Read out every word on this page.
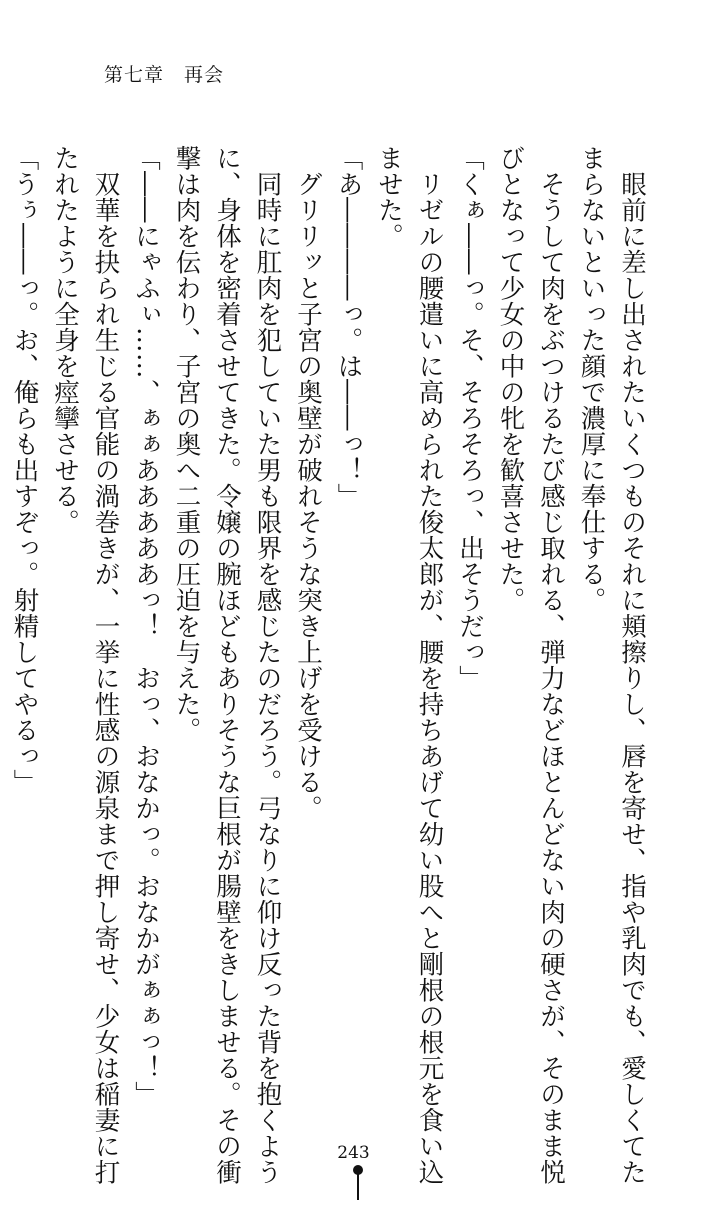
第七章　再会

　眼前に差し出されたいくつものそれに頬擦りし、唇を寄せ、指や乳肉でも、愛しくてた

まらないといった顔で濃厚に奉仕する。

　そうして肉をぶつけるたび感じ取れる、弾力などほとんどない肉の硬さが、そのまま悦

びとなって少女の中の牝を歓喜させた。

「くぁ――っ。そ、そろそろっ、出そうだっ」

　リゼルの腰遣いに高められた俊太郎が、腰を持ちあげて幼い股へと剛根の根元を食い込

ませた。

「あ――――っ。は――っ！」

　グリリッと子宮の奥壁が破れそうな突き上げを受ける。

　同時に肛肉を犯していた男も限界を感じたのだろう。弓なりに仰け反った背を抱くよう

に、身体を密着させてきた。令嬢の腕ほどもありそうな巨根が腸壁をきしませる。その衝

撃は肉を伝わり、子宮の奥へ二重の圧迫を与えた。

「――にゃふぃ……、ぁぁあああああっ！　おっ、おなかっ。おなかがぁぁっ！」

　双華を抉られ生じる官能の渦巻きが、一挙に性感の源泉まで押し寄せ、少女は稲妻に打

たれたように全身を痙攣させる。

「うぅ――っ。お、俺らも出すぞっ。射精してやるっ」

243
